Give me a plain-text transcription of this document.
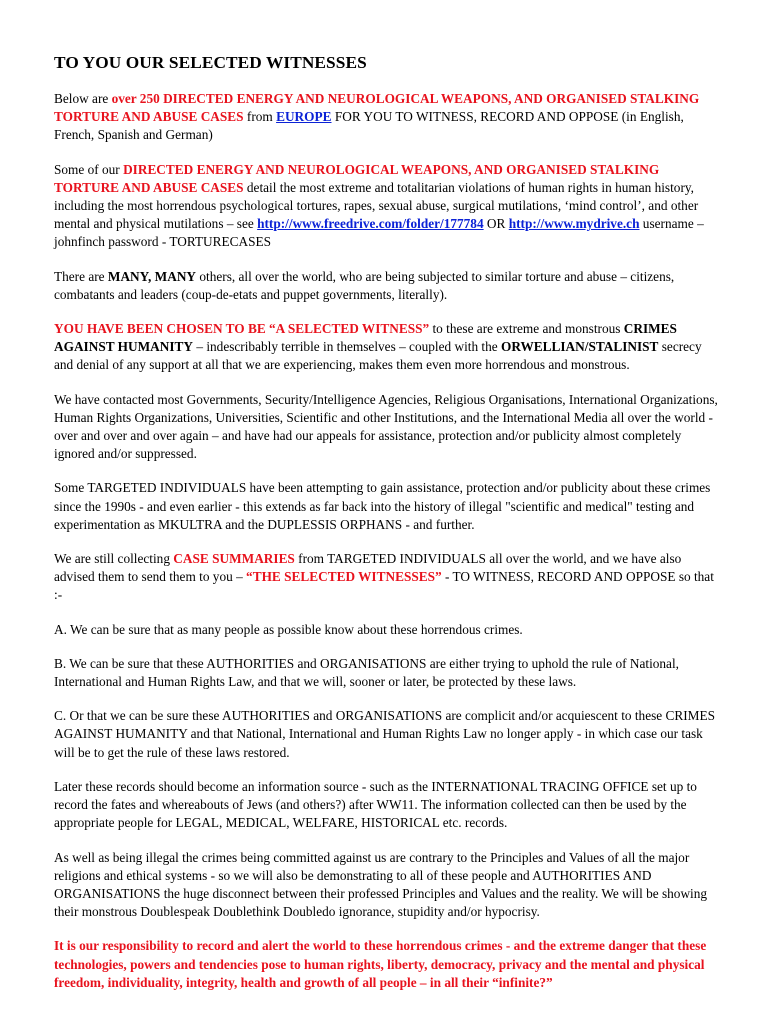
TO YOU OUR SELECTED WITNESSES

Below are over 250 DIRECTED ENERGY AND NEUROLOGICAL WEAPONS, AND ORGANISED STALKING TORTURE AND ABUSE CASES from EUROPE FOR YOU TO WITNESS, RECORD AND OPPOSE (in English, French, Spanish and German)

Some of our DIRECTED ENERGY AND NEUROLOGICAL WEAPONS, AND ORGANISED STALKING TORTURE AND ABUSE CASES detail the most extreme and totalitarian violations of human rights in human history, including the most horrendous psychological tortures, rapes, sexual abuse, surgical mutilations, ‘mind control’, and other mental and physical mutilations – see http://www.freedrive.com/folder/177784 OR http://www.mydrive.ch username – johnfinch password - TORTURECASES

There are MANY, MANY others, all over the world, who are being subjected to similar torture and abuse – citizens, combatants and leaders (coup-de-etats and puppet governments, literally).

YOU HAVE BEEN CHOSEN TO BE “A SELECTED WITNESS” to these are extreme and monstrous CRIMES AGAINST HUMANITY – indescribably terrible in themselves – coupled with the ORWELLIAN/STALINIST secrecy and denial of any support at all that we are experiencing, makes them even more horrendous and monstrous.

We have contacted most Governments, Security/Intelligence Agencies, Religious Organisations, International Organizations, Human Rights Organizations, Universities, Scientific and other Institutions, and the International Media all over the world - over and over and over again – and have had our appeals for assistance, protection and/or publicity almost completely ignored and/or suppressed.

Some TARGETED INDIVIDUALS have been attempting to gain assistance, protection and/or publicity about these crimes since the 1990s - and even earlier - this extends as far back into the history of illegal "scientific and medical" testing and experimentation as MKULTRA and the DUPLESSIS ORPHANS - and further.

We are still collecting CASE SUMMARIES from TARGETED INDIVIDUALS all over the world, and we have also advised them to send them to you – “THE SELECTED WITNESSES” - TO WITNESS, RECORD AND OPPOSE so that :-

A. We can be sure that as many people as possible know about these horrendous crimes.

B. We can be sure that these AUTHORITIES and ORGANISATIONS are either trying to uphold the rule of National, International and Human Rights Law, and that we will, sooner or later, be protected by these laws.

C. Or that we can be sure these AUTHORITIES and ORGANISATIONS are complicit and/or acquiescent to these CRIMES AGAINST HUMANITY and that National, International and Human Rights Law no longer apply - in which case our task will be to get the rule of these laws restored.

Later these records should become an information source - such as the INTERNATIONAL TRACING OFFICE set up to record the fates and whereabouts of Jews (and others?) after WW11. The information collected can then be used by the appropriate people for LEGAL, MEDICAL, WELFARE, HISTORICAL etc. records.

As well as being illegal the crimes being committed against us are contrary to the Principles and Values of all the major religions and ethical systems - so we will also be demonstrating to all of these people and AUTHORITIES AND ORGANISATIONS the huge disconnect between their professed Principles and Values and the reality. We will be showing their monstrous Doublespeak Doublethink Doubledo ignorance, stupidity and/or hypocrisy.

It is our responsibility to record and alert the world to these horrendous crimes - and the extreme danger that these technologies, powers and tendencies pose to human rights, liberty, democracy, privacy and the mental and physical freedom, individuality, integrity, health and growth of all people – in all their “infinite?”
